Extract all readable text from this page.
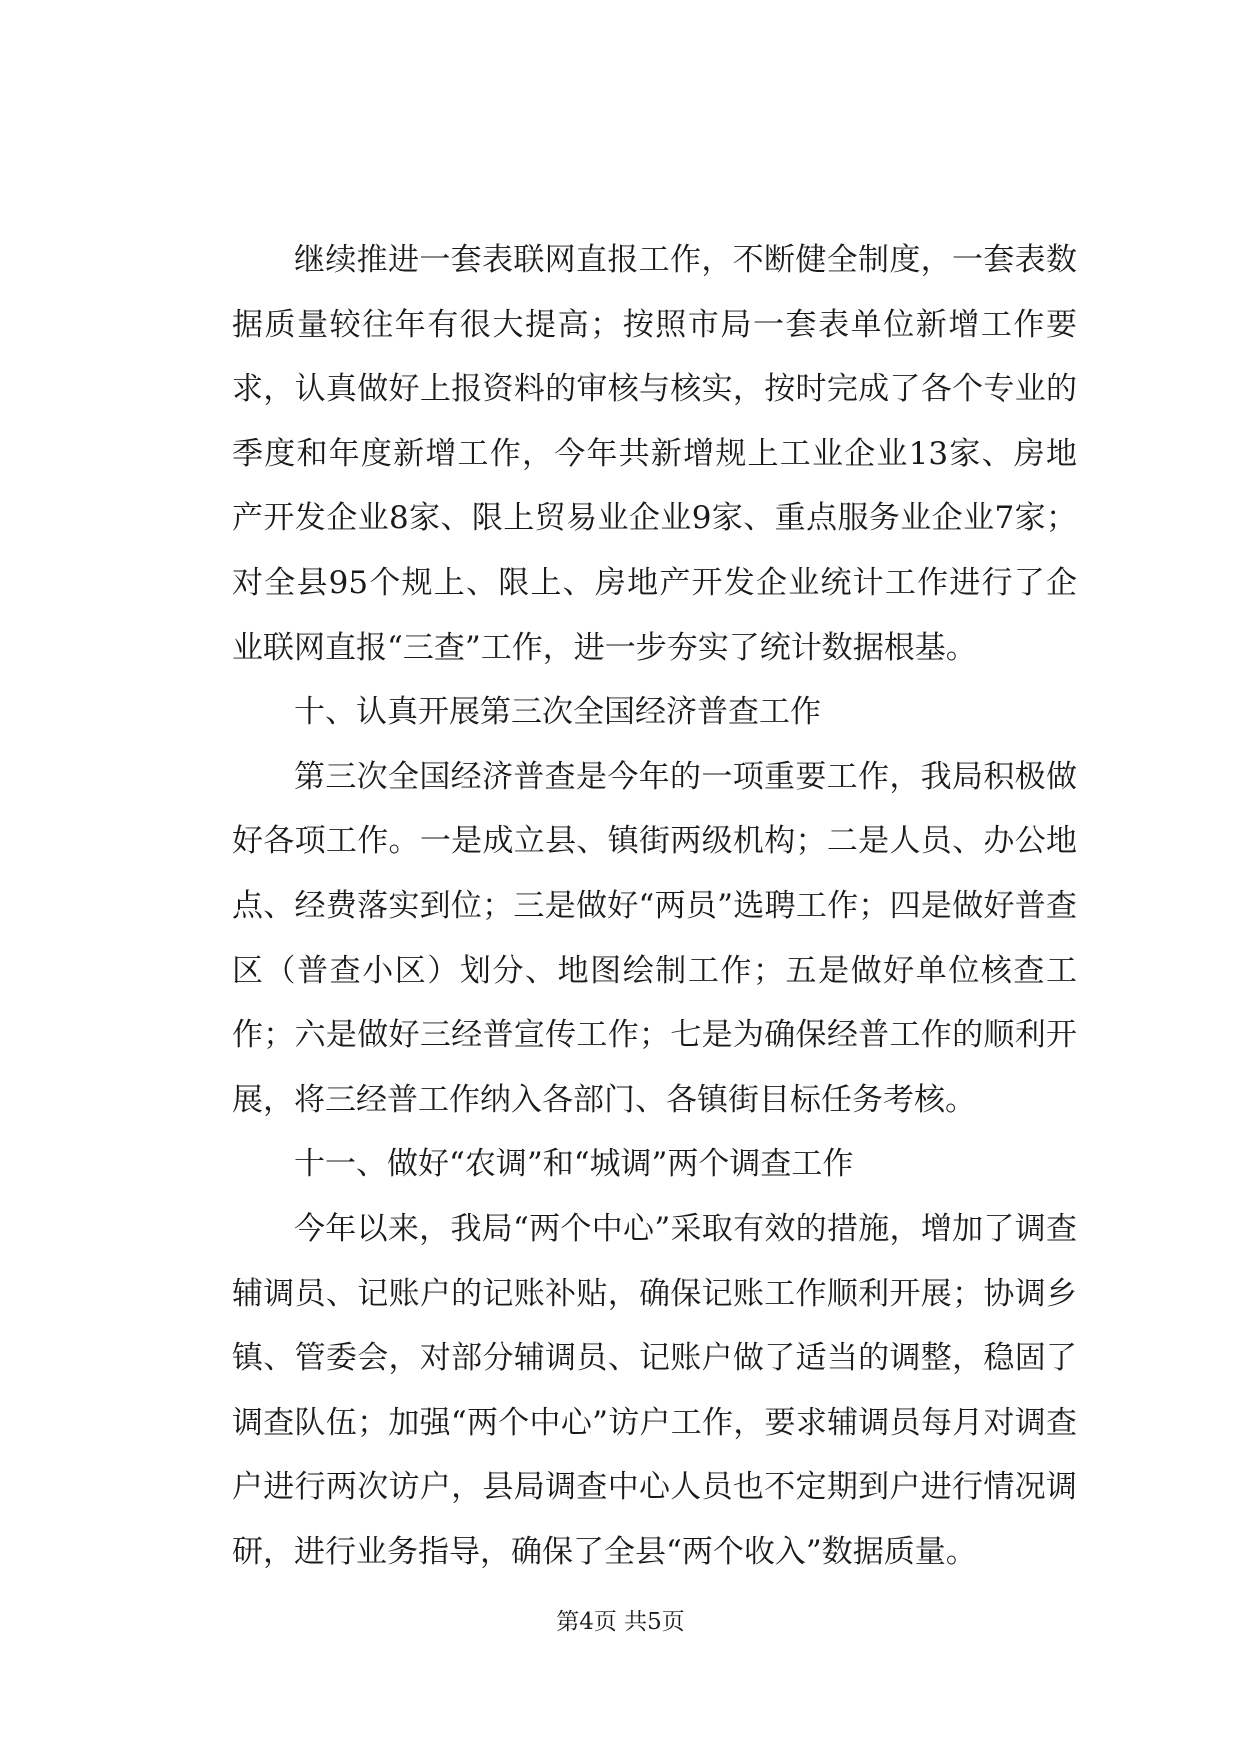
继续推进一套表联网直报工作，不断健全制度，一套表数据质量较往年有很大提高；按照市局一套表单位新增工作要求，认真做好上报资料的审核与核实，按时完成了各个专业的季度和年度新增工作，今年共新增规上工业企业13家、房地产开发企业8家、限上贸易业企业9家、重点服务业企业7家；对全县95个规上、限上、房地产开发企业统计工作进行了企业联网直报“三查”工作，进一步夯实了统计数据根基。

十、认真开展第三次全国经济普查工作

第三次全国经济普查是今年的一项重要工作，我局积极做好各项工作。一是成立县、镇街两级机构；二是人员、办公地点、经费落实到位；三是做好“两员”选聘工作；四是做好普查区（普查小区）划分、地图绘制工作；五是做好单位核查工作；六是做好三经普宣传工作；七是为确保经普工作的顺利开展，将三经普工作纳入各部门、各镇街目标任务考核。

十一、做好“农调”和“城调”两个调查工作

今年以来，我局“两个中心”采取有效的措施，增加了调查辅调员、记账户的记账补贴，确保记账工作顺利开展；协调乡镇、管委会，对部分辅调员、记账户做了适当的调整，稳固了调查队伍；加强“两个中心”访户工作，要求辅调员每月对调查户进行两次访户，县局调查中心人员也不定期到户进行情况调研，进行业务指导，确保了全县“两个收入”数据质量。

第4页 共5页
